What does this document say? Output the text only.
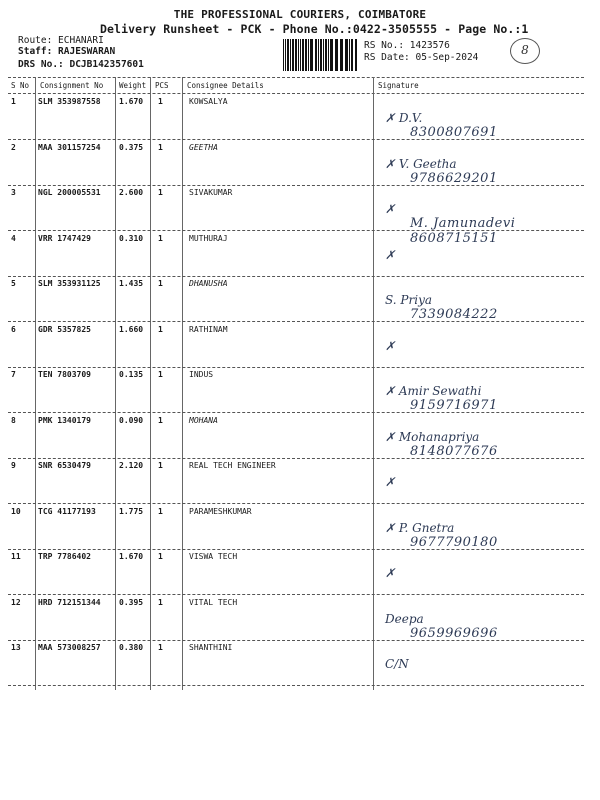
THE PROFESSIONAL COURIERS, COIMBATORE
Delivery Runsheet - PCK - Phone No.:0422-3505555 - Page No.:1
Route: ECHANARI
Staff: RAJESWARAN
DRS No.: DCJB142357601
RS No.: 1423576
RS Date: 05-Sep-2024
8
S No Consignment No Weight PCS Consignee Details	Signature
1	SLM 353987558 1.670 1	KOWSALYA
✗ D.V.
8300807691
2	MAA 301157254 0.375 1	GEETHA
✗ V. Geetha
9786629201
3	NGL 200005531 2.600 1	SIVAKUMAR
✗
M. Jamunadevi 8608715151
4	VRR 1747429	0.310 1	MUTHURAJ
✗
5	SLM 353931125 1.435 1	DHANUSHA
S. Priya
7339084222
6	GDR 5357825	1.660 1	RATHINAM
✗
7	TEN 7803709	0.135 1	INDUS
✗ Amir Sewathi
9159716971
8	PMK 1340179	0.090 1	MOHANA
✗ Mohanapriya
8148077676
9	SNR 6530479	2.120 1	REAL TECH ENGINEER
✗
10 TCG 41177193	1.775 1	PARAMESHKUMAR
✗ P. Gnetra
9677790180
11 TRP 7786402	1.670 1	VISWA TECH
✗
12 HRD 712151344 0.395 1	VITAL TECH
Deepa
9659969696
13 MAA 573008257 0.380 1	SHANTHINI
C/N
